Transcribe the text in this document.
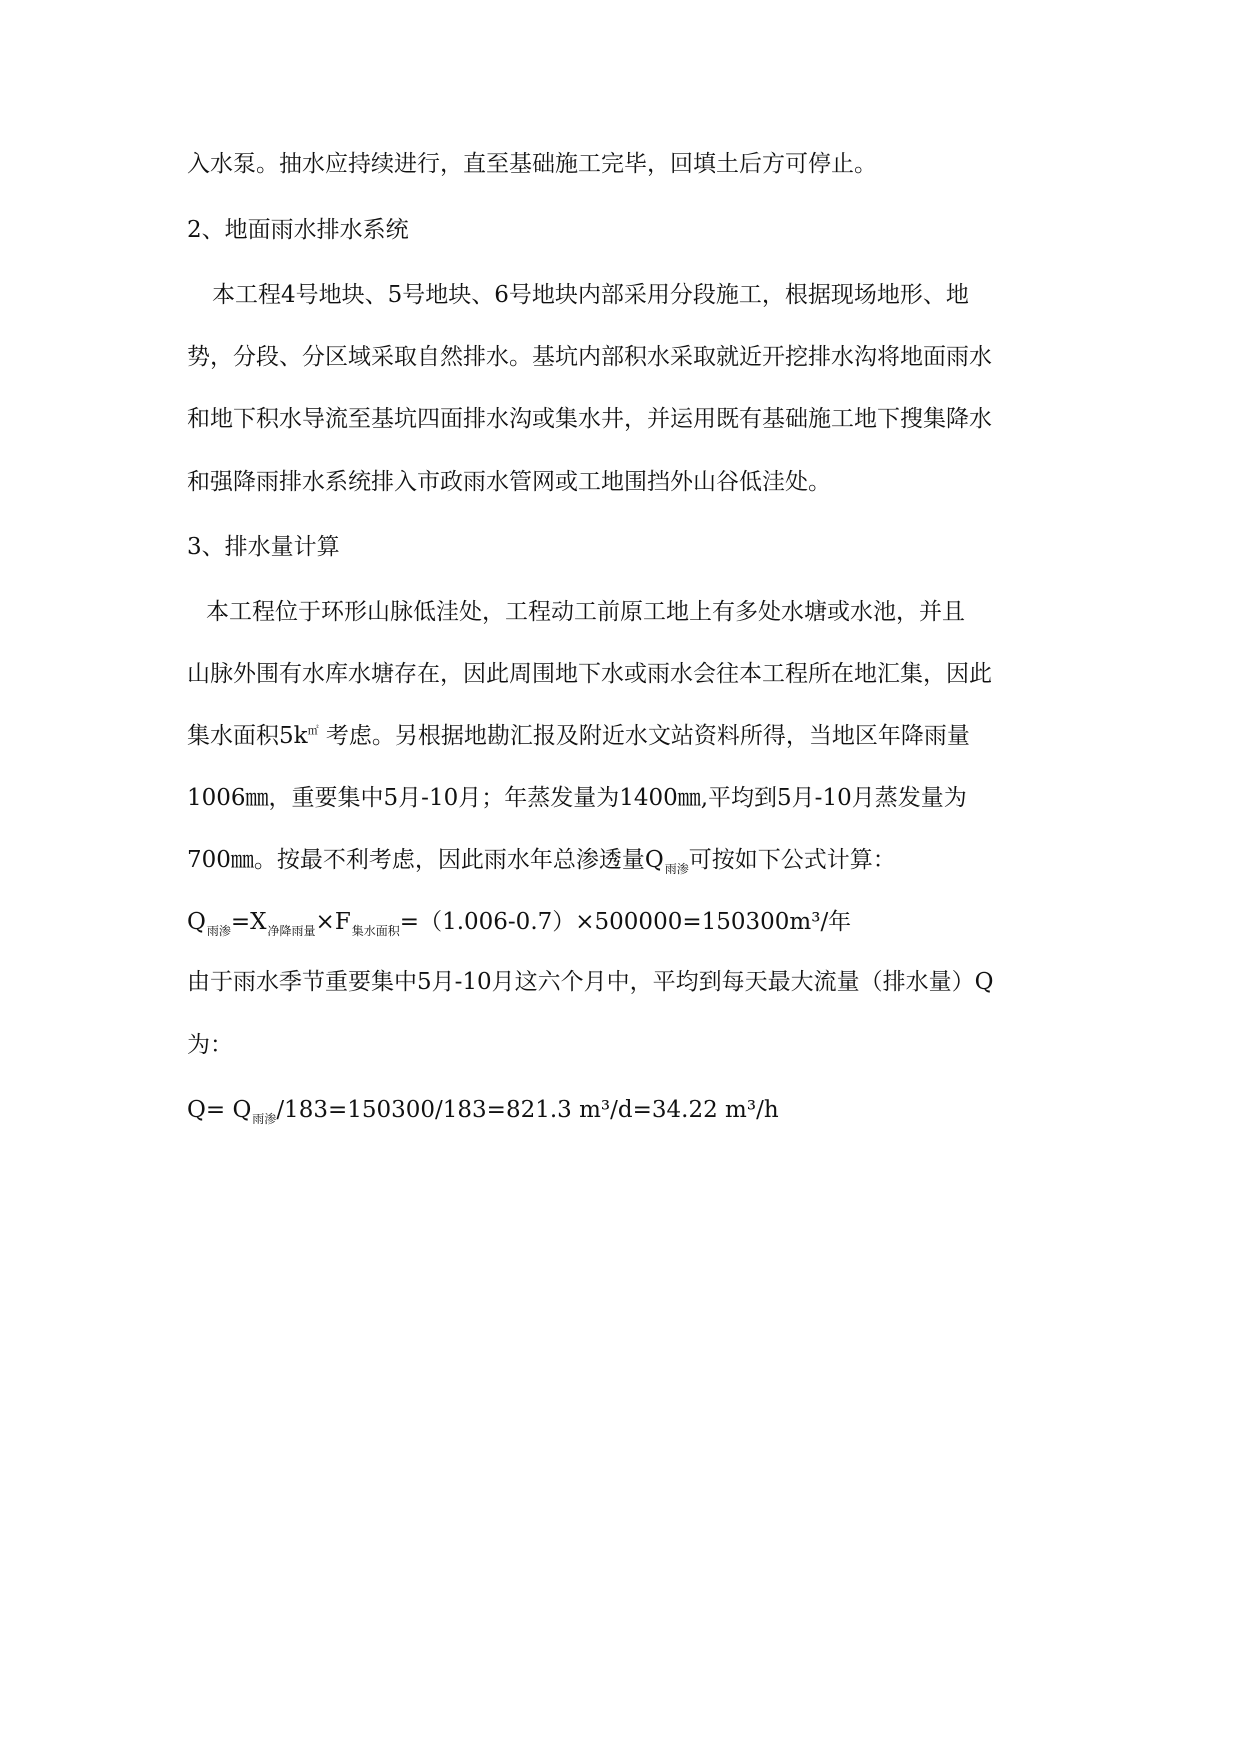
入水泵。抽水应持续进行，直至基础施工完毕，回填土后方可停止。
2、地面雨水排水系统
本工程4号地块、5号地块、6号地块内部采用分段施工，根据现场地形、地
势，分段、分区域采取自然排水。基坑内部积水采取就近开挖排水沟将地面雨水
和地下积水导流至基坑四面排水沟或集水井，并运用既有基础施工地下搜集降水
和强降雨排水系统排入市政雨水管网或工地围挡外山谷低洼处。
3、排水量计算
本工程位于环形山脉低洼处，工程动工前原工地上有多处水塘或水池，并且
山脉外围有水库水塘存在，因此周围地下水或雨水会往本工程所在地汇集，因此
集水面积5k㎡ 考虑。另根据地勘汇报及附近水文站资料所得，当地区年降雨量
1006㎜，重要集中5月-10月；年蒸发量为1400㎜,平均到5月-10月蒸发量为
700㎜。按最不利考虑，因此雨水年总渗透量$Q_{雨渗}$可按如下公式计算：
$Q_{雨渗}=X_{净降雨量}\times F_{集水面积}=(1.006-0.7)\times 500000=150300m^3/$年
由于雨水季节重要集中5月-10月这六个月中，平均到每天最大流量（排水量）Q
为：
$Q= Q_{雨渗}/183=150300/183=821.3$ m³/d=34.22 m³/h
